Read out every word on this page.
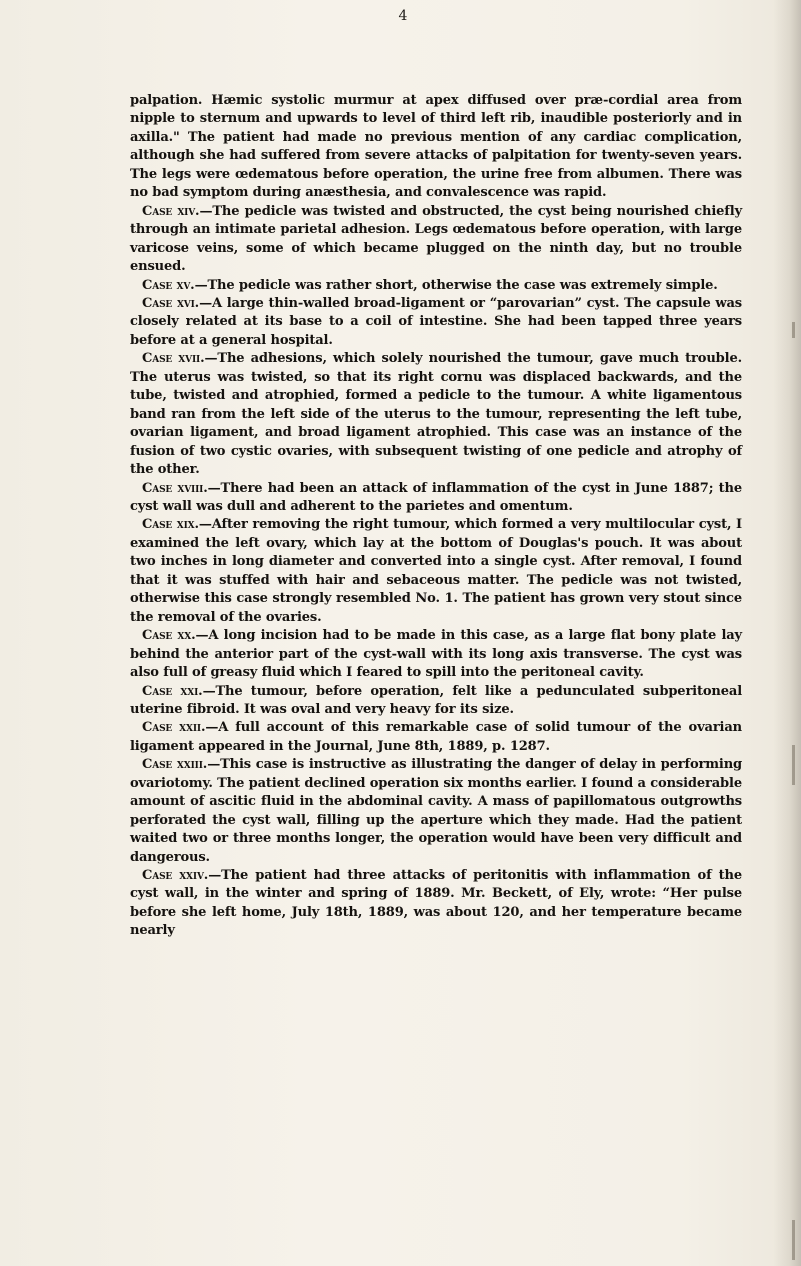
4

palpation. Hæmic systolic murmur at apex diffused over præ-cordial area from nipple to sternum and upwards to level of third left rib, inaudible posteriorly and in axilla." The patient had made no previous mention of any cardiac complication, although she had suffered from severe attacks of palpitation for twenty-seven years. The legs were œdematous before operation, the urine free from albumen. There was no bad symptom during anæsthesia, and convalescence was rapid.

Case xiv.—The pedicle was twisted and obstructed, the cyst being nourished chiefly through an intimate parietal adhesion. Legs œdematous before operation, with large varicose veins, some of which became plugged on the ninth day, but no trouble ensued.

Case xv.—The pedicle was rather short, otherwise the case was extremely simple.

Case xvi.—A large thin-walled broad-ligament or “parovarian” cyst. The capsule was closely related at its base to a coil of intestine. She had been tapped three years before at a general hospital.

Case xvii.—The adhesions, which solely nourished the tumour, gave much trouble. The uterus was twisted, so that its right cornu was displaced backwards, and the tube, twisted and atrophied, formed a pedicle to the tumour. A white ligamentous band ran from the left side of the uterus to the tumour, representing the left tube, ovarian ligament, and broad ligament atrophied. This case was an instance of the fusion of two cystic ovaries, with subsequent twisting of one pedicle and atrophy of the other.

Case xviii.—There had been an attack of inflammation of the cyst in June 1887; the cyst wall was dull and adherent to the parietes and omentum.

Case xix.—After removing the right tumour, which formed a very multilocular cyst, I examined the left ovary, which lay at the bottom of Douglas's pouch. It was about two inches in long diameter and converted into a single cyst. After removal, I found that it was stuffed with hair and sebaceous matter. The pedicle was not twisted, otherwise this case strongly resembled No. 1. The patient has grown very stout since the removal of the ovaries.

Case xx.—A long incision had to be made in this case, as a large flat bony plate lay behind the anterior part of the cyst-wall with its long axis transverse. The cyst was also full of greasy fluid which I feared to spill into the peritoneal cavity.

Case xxi.—The tumour, before operation, felt like a pedunculated subperitoneal uterine fibroid. It was oval and very heavy for its size.

Case xxii.—A full account of this remarkable case of solid tumour of the ovarian ligament appeared in the Journal, June 8th, 1889, p. 1287.

Case xxiii.—This case is instructive as illustrating the danger of delay in performing ovariotomy. The patient declined operation six months earlier. I found a considerable amount of ascitic fluid in the abdominal cavity. A mass of papillomatous outgrowths perforated the cyst wall, filling up the aperture which they made. Had the patient waited two or three months longer, the operation would have been very difficult and dangerous.

Case xxiv.—The patient had three attacks of peritonitis with inflammation of the cyst wall, in the winter and spring of 1889. Mr. Beckett, of Ely, wrote: “Her pulse before she left home, July 18th, 1889, was about 120, and her temperature became nearly
